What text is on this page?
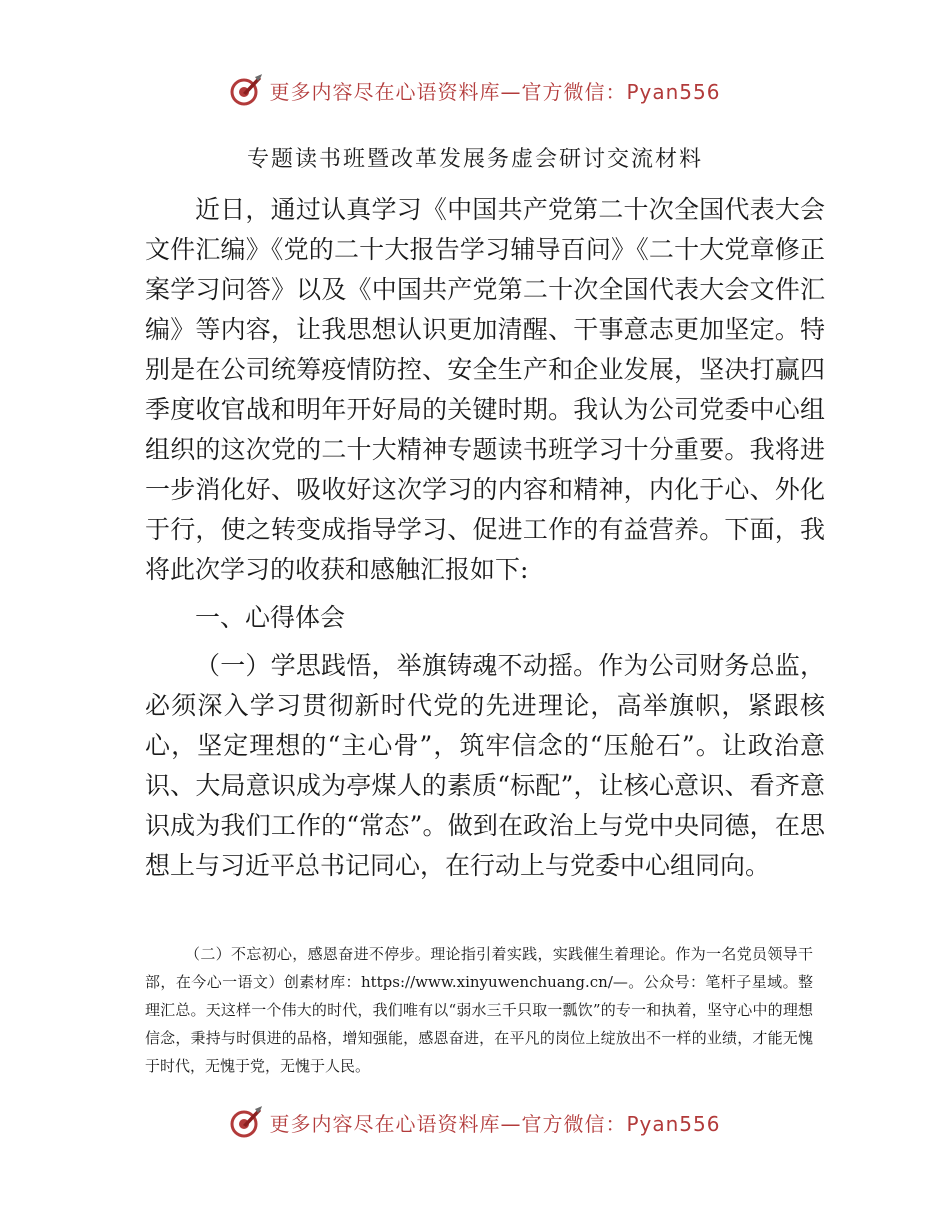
更多内容尽在心语资料库—官方微信：Pyan556
专题读书班暨改革发展务虚会研讨交流材料

近日，通过认真学习《中国共产党第二十次全国代表大会文件汇编》《党的二十大报告学习辅导百问》《二十大党章修正案学习问答》以及《中国共产党第二十次全国代表大会文件汇编》等内容，让我思想认识更加清醒、干事意志更加坚定。特别是在公司统筹疫情防控、安全生产和企业发展，坚决打赢四季度收官战和明年开好局的关键时期。我认为公司党委中心组组织的这次党的二十大精神专题读书班学习十分重要。我将进一步消化好、吸收好这次学习的内容和精神，内化于心、外化于行，使之转变成指导学习、促进工作的有益营养。下面，我将此次学习的收获和感触汇报如下:

一、心得体会

（一）学思践悟，举旗铸魂不动摇。作为公司财务总监，必须深入学习贯彻新时代党的先进理论，高举旗帜，紧跟核心，坚定理想的“主心骨”，筑牢信念的“压舱石”。让政治意识、大局意识成为亭煤人的素质“标配”，让核心意识、看齐意识成为我们工作的“常态”。做到在政治上与党中央同德，在思想上与习近平总书记同心，在行动上与党委中心组同向。

（二）不忘初心，感恩奋进不停步。理论指引着实践，实践催生着理论。作为一名党员领导干部，在今心一语文）创素材库：https://www.xinyuwenchuang.cn/—。公众号：笔杆子星域。整理汇总。天这样一个伟大的时代，我们唯有以“弱水三千只取一瓢饮”的专一和执着，坚守心中的理想信念，秉持与时俱进的品格，增知强能，感恩奋进，在平凡的岗位上绽放出不一样的业绩，才能无愧于时代，无愧于党，无愧于人民。
更多内容尽在心语资料库—官方微信：Pyan556
